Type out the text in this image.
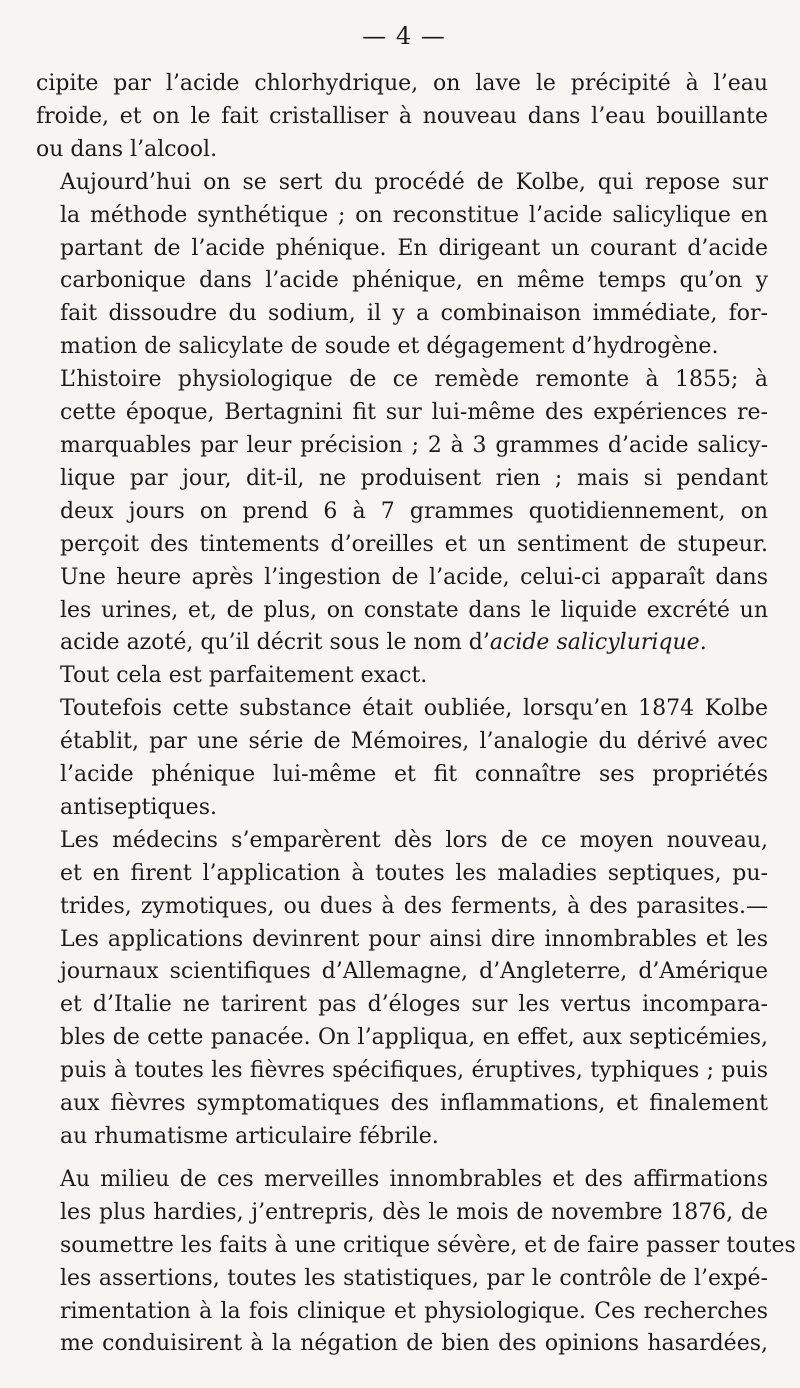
— 4 —

cipite par l’acide chlorhydrique, on lave le précipité à l’eau
froide, et on le fait cristalliser à nouveau dans l’eau bouillante
ou dans l’alcool.

Aujourd’hui on se sert du procédé de Kolbe, qui repose sur
la méthode synthétique ; on reconstitue l’acide salicylique en
partant de l’acide phénique. En dirigeant un courant d’acide
carbonique dans l’acide phénique, en même temps qu’on y
fait dissoudre du sodium, il y a combinaison immédiate, for-
mation de salicylate de soude et dégagement d’hydrogène.

L’histoire physiologique de ce remède remonte à 1855; à
cette époque, Bertagnini fit sur lui-même des expériences re-
marquables par leur précision ; 2 à 3 grammes d’acide salicy-
lique par jour, dit-il, ne produisent rien ; mais si pendant
deux jours on prend 6 à 7 grammes quotidiennement, on
perçoit des tintements d’oreilles et un sentiment de stupeur.
Une heure après l’ingestion de l’acide, celui-ci apparaît dans
les urines, et, de plus, on constate dans le liquide excrété un
acide azoté, qu’il décrit sous le nom d’acide salicylurique.

Tout cela est parfaitement exact.

Toutefois cette substance était oubliée, lorsqu’en 1874 Kolbe
établit, par une série de Mémoires, l’analogie du dérivé avec
l’acide phénique lui-même et fit connaître ses propriétés
antiseptiques.

Les médecins s’emparèrent dès lors de ce moyen nouveau,
et en firent l’application à toutes les maladies septiques, pu-
trides, zymotiques, ou dues à des ferments, à des parasites.—
Les applications devinrent pour ainsi dire innombrables et les
journaux scientifiques d’Allemagne, d’Angleterre, d’Amérique
et d’Italie ne tarirent pas d’éloges sur les vertus incompara-
bles de cette panacée. On l’appliqua, en effet, aux septicémies,
puis à toutes les fièvres spécifiques, éruptives, typhiques ; puis
aux fièvres symptomatiques des inflammations, et finalement
au rhumatisme articulaire fébrile.

Au milieu de ces merveilles innombrables et des affirmations
les plus hardies, j’entrepris, dès le mois de novembre 1876, de
soumettre les faits à une critique sévère, et de faire passer toutes
les assertions, toutes les statistiques, par le contrôle de l’expé-
rimentation à la fois clinique et physiologique. Ces recherches
me conduisirent à la négation de bien des opinions hasardées,
